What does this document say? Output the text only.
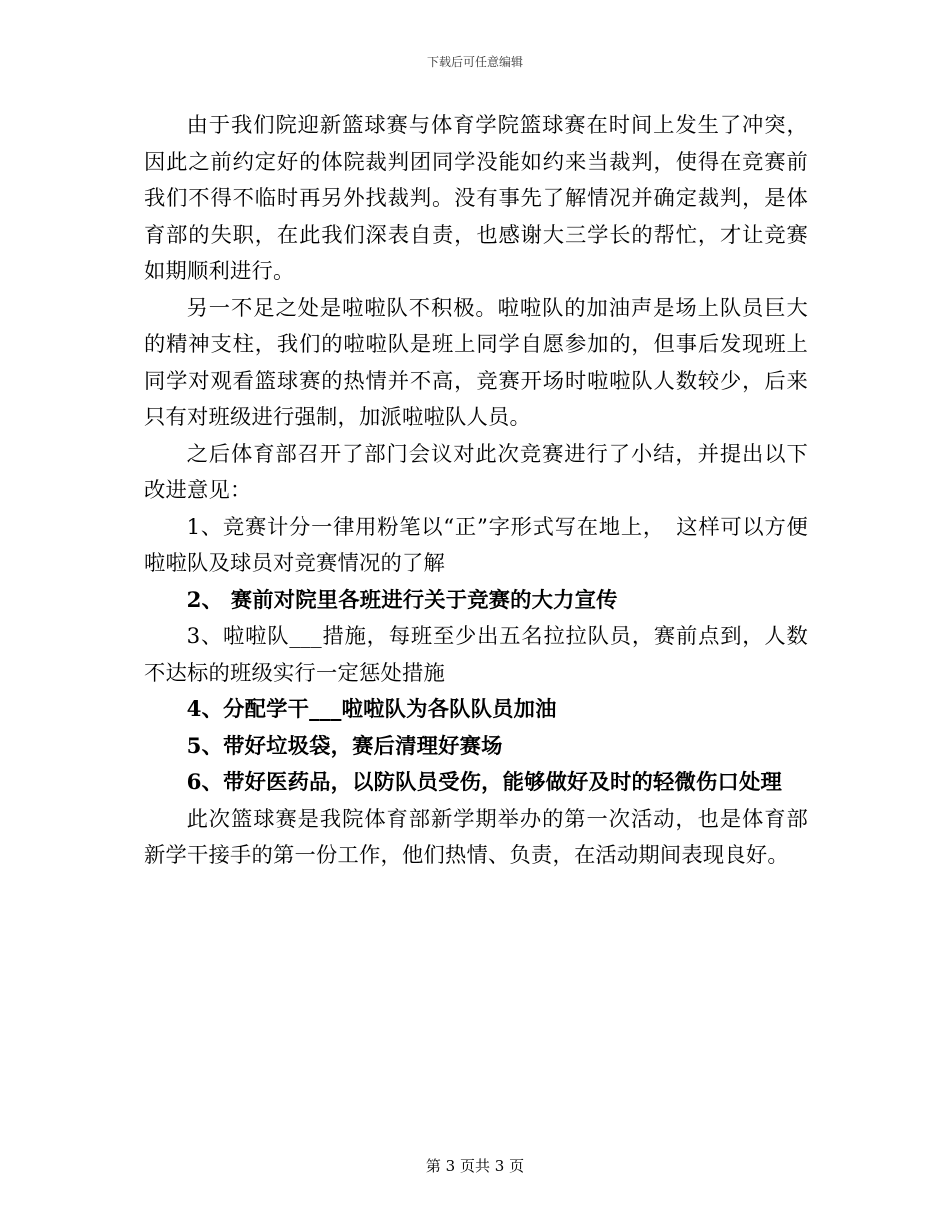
下载后可任意编辑

由于我们院迎新篮球赛与体育学院篮球赛在时间上发生了冲突，因此之前约定好的体院裁判团同学没能如约来当裁判，使得在竞赛前我们不得不临时再另外找裁判。没有事先了解情况并确定裁判，是体育部的失职，在此我们深表自责，也感谢大三学长的帮忙，才让竞赛如期顺利进行。

另一不足之处是啦啦队不积极。啦啦队的加油声是场上队员巨大的精神支柱，我们的啦啦队是班上同学自愿参加的，但事后发现班上同学对观看篮球赛的热情并不高，竞赛开场时啦啦队人数较少，后来只有对班级进行强制，加派啦啦队人员。

之后体育部召开了部门会议对此次竞赛进行了小结，并提出以下改进意见：

1、竞赛计分一律用粉笔以“正”字形式写在地上，　这样可以方便啦啦队及球员对竞赛情况的了解

2、 赛前对院里各班进行关于竞赛的大力宣传

3、啦啦队___措施，每班至少出五名拉拉队员，赛前点到，人数不达标的班级实行一定惩处措施

4、分配学干___啦啦队为各队队员加油

5、带好垃圾袋，赛后清理好赛场

6、带好医药品，以防队员受伤，能够做好及时的轻微伤口处理

此次篮球赛是我院体育部新学期举办的第一次活动，也是体育部新学干接手的第一份工作，他们热情、负责，在活动期间表现良好。

第 3 页共 3 页
